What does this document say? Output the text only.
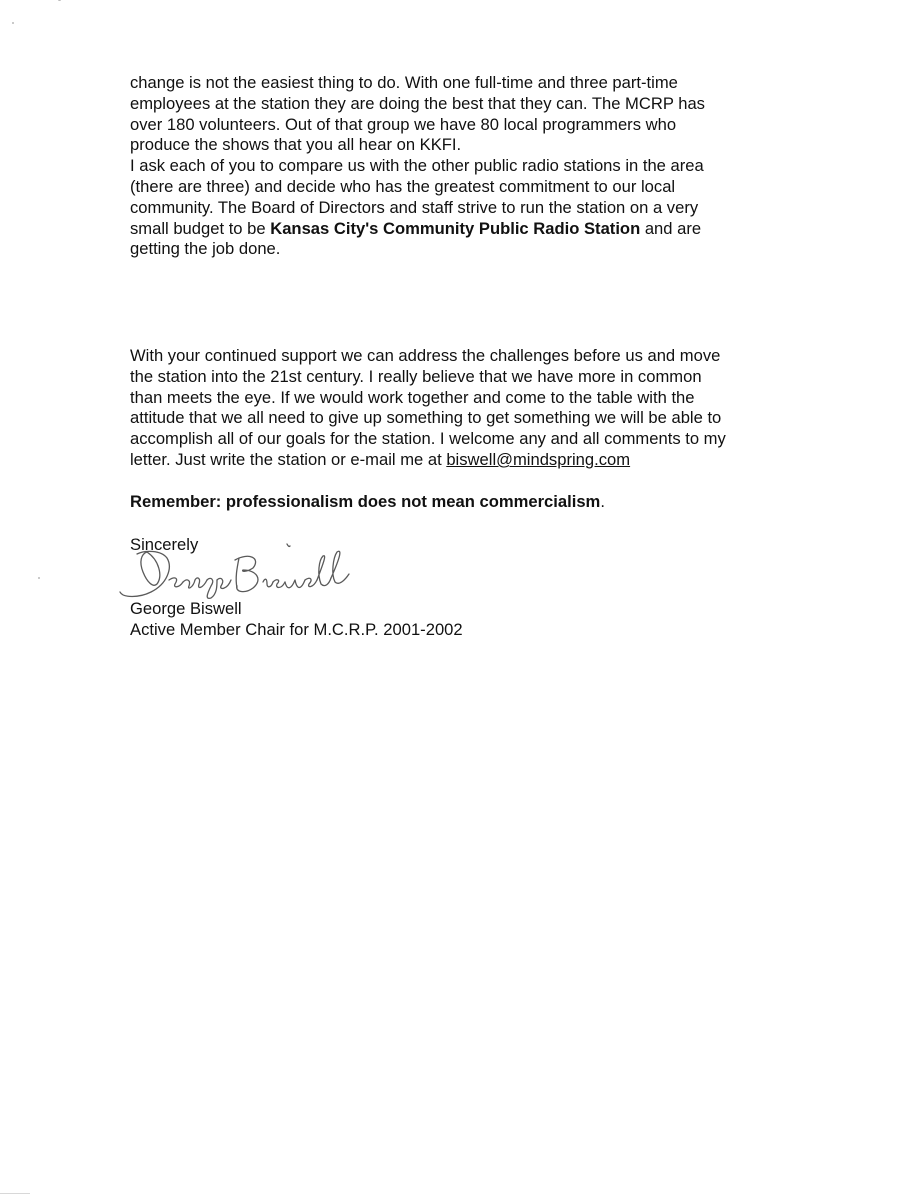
change is not the easiest thing to do. With one full-time and three part-time
employees at the station they are doing the best that they can. The MCRP has
over 180 volunteers. Out of that group we have 80 local programmers who
produce the shows that you all hear on KKFI.
I ask each of you to compare us with the other public radio stations in the area
(there are three) and decide who has the greatest commitment to our local
community. The Board of Directors and staff strive to run the station on a very
small budget to be Kansas City's Community Public Radio Station and are
getting the job done.
With your continued support we can address the challenges before us and move
the station into the 21st century. I really believe that we have more in common
than meets the eye. If we would work together and come to the table with the
attitude that we all need to give up something to get something we will be able to
accomplish all of our goals for the station. I welcome any and all comments to my
letter. Just write the station or e-mail me at biswell@mindspring.com
Remember: professionalism does not mean commercialism.
Sincerely
George Biswell
Active Member Chair for M.C.R.P. 2001-2002
